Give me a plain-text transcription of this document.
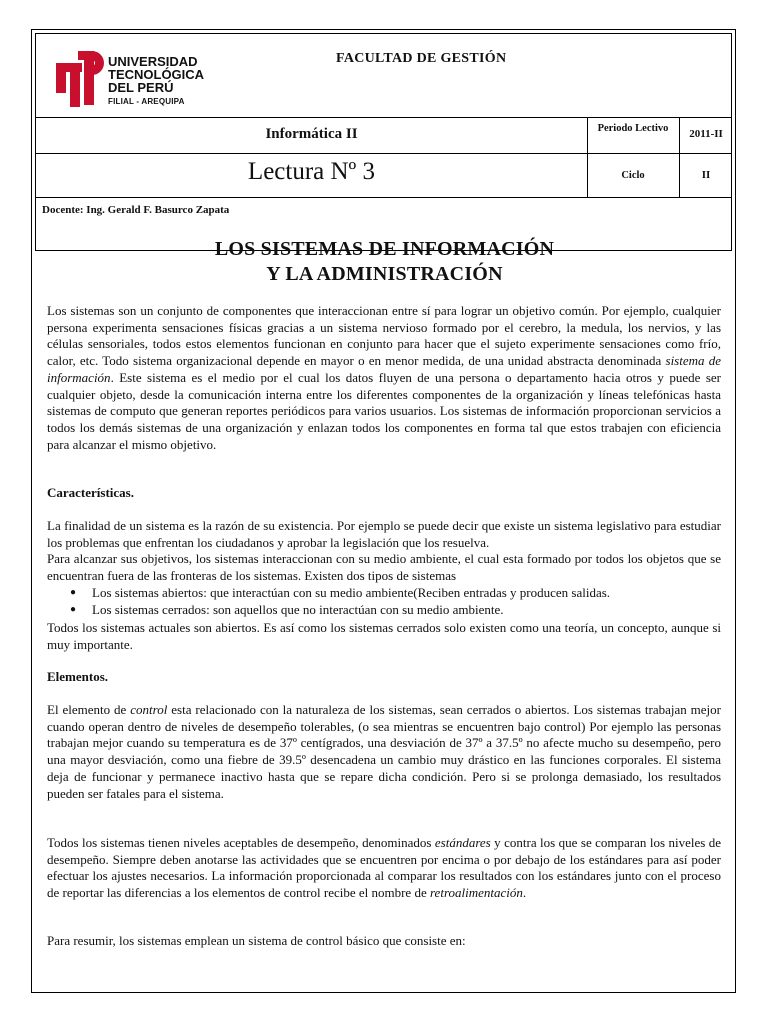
UNIVERSIDAD
TECNOLÓGICA
DEL PERÚ
FILIAL - AREQUIPA
FACULTAD DE GESTIÓN
Informática II	Periodo Lectivo	2011-II
Lectura Nº 3	Ciclo	II
Docente: Ing. Gerald F. Basurco Zapata
LOS SISTEMAS DE INFORMACIÓN
Y LA ADMINISTRACIÓN

Los sistemas son un conjunto de componentes que interaccionan entre sí para lograr un objetivo común. Por ejemplo, cualquier persona experimenta sensaciones físicas gracias a un sistema nervioso formado por el cerebro, la medula, los nervios, y las células sensoriales, todos estos elementos funcionan en conjunto para hacer que el sujeto experimente sensaciones como frío, calor, etc. Todo sistema organizacional depende en mayor o en menor medida, de una unidad abstracta denominada sistema de información. Este sistema es el medio por el cual los datos fluyen de una persona o departamento hacia otros y puede ser cualquier objeto, desde la comunicación interna entre los diferentes componentes de la organización y líneas telefónicas hasta sistemas de computo que generan reportes periódicos para varios usuarios. Los sistemas de información proporcionan servicios a todos los demás sistemas de una organización y enlazan todos los componentes en forma tal que estos trabajen con eficiencia para alcanzar el mismo objetivo.

Características.

La finalidad de un sistema es la razón de su existencia. Por ejemplo se puede decir que existe un sistema legislativo para estudiar los problemas que enfrentan los ciudadanos y aprobar la legislación que los resuelva.

Para alcanzar sus objetivos, los sistemas interaccionan con su medio ambiente, el cual esta formado por todos los objetos que se encuentran fuera de las fronteras de los sistemas. Existen dos tipos de sistemas

● Los sistemas abiertos: que interactúan con su medio ambiente(Reciben entradas y producen salidas.
● Los sistemas cerrados: son aquellos que no interactúan con su medio ambiente.

Todos los sistemas actuales son abiertos. Es así como los sistemas cerrados solo existen como una teoría, un concepto, aunque si muy importante.

Elementos.

El elemento de control esta relacionado con la naturaleza de los sistemas, sean cerrados o abiertos. Los sistemas trabajan mejor cuando operan dentro de niveles de desempeño tolerables, (o sea mientras se encuentren bajo control) Por ejemplo las personas trabajan mejor cuando su temperatura es de 37º centígrados, una desviación de 37º a 37.5º no afecte mucho su desempeño, pero una mayor desviación, como una fiebre de 39.5º desencadena un cambio muy drástico en las funciones corporales. El sistema deja de funcionar y permanece inactivo hasta que se repare dicha condición. Pero si se prolonga demasiado, los resultados pueden ser fatales para el sistema.

Todos los sistemas tienen niveles aceptables de desempeño, denominados estándares y contra los que se comparan los niveles de desempeño. Siempre deben anotarse las actividades que se encuentren por encima o por debajo de los estándares para así poder efectuar los ajustes necesarios. La información proporcionada al comparar los resultados con los estándares junto con el proceso de reportar las diferencias a los elementos de control recibe el nombre de retroalimentación.

Para resumir, los sistemas emplean un sistema de control básico que consiste en:
